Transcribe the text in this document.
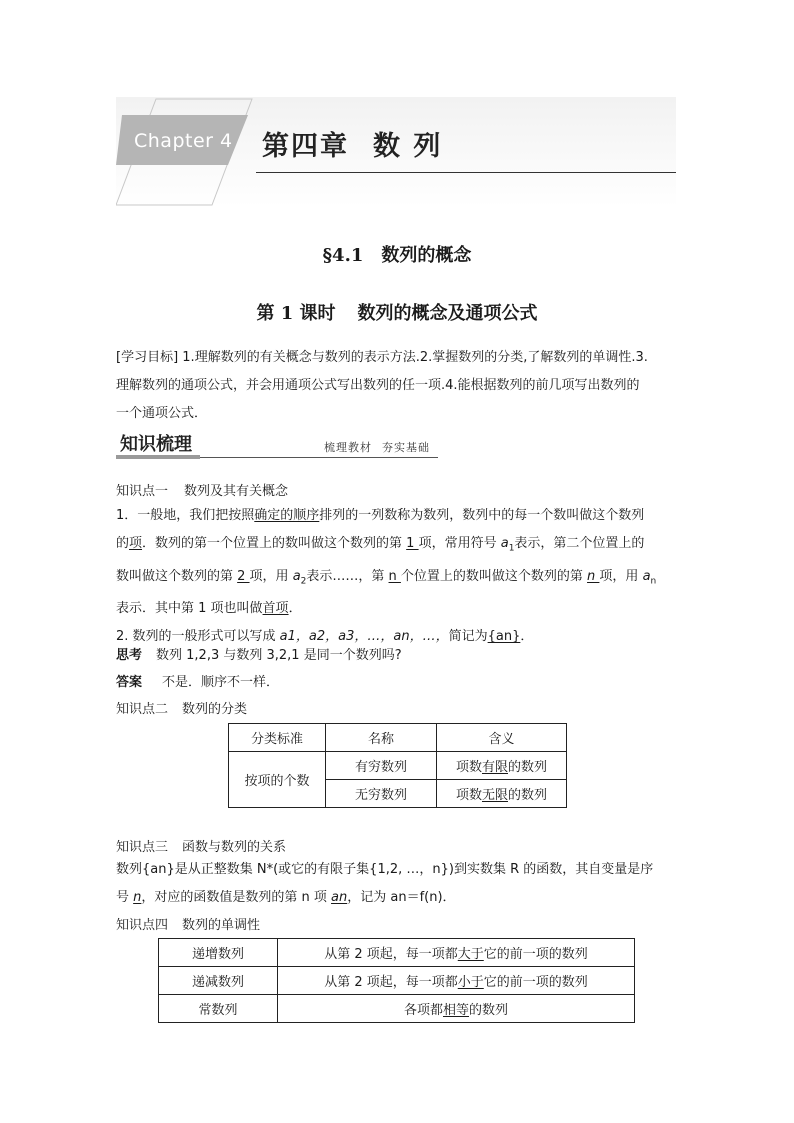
Chapter 4 第四章 数 列
§4.1 数列的概念
第 1 课时 数列的概念及通项公式
[学习目标] 1.理解数列的有关概念与数列的表示方法.2.掌握数列的分类,了解数列的单调性.3.
理解数列的通项公式，并会用通项公式写出数列的任一项.4.能根据数列的前几项写出数列的
一个通项公式．
知识梳理	梳理教材 夯实基础
知识点一 数列及其有关概念
1．一般地，我们把按照确定的顺序排列的一列数称为数列，数列中的每一个数叫做这个数列
的项．数列的第一个位置上的数叫做这个数列的第 1 项，常用符号 $a_1$表示，第二个位置上的
数叫做这个数列的第 2 项，用 $a_2$表示……，第 n 个位置上的数叫做这个数列的第 n 项，用 $a_n$
表示．其中第 1 项也叫做首项．
2. 数列的一般形式可以写成 a1，a2，a3，…，an，…，简记为{an}．
思考 数列 1,2,3 与数列 3,2,1 是同一个数列吗?
答案 不是．顺序不一样．
知识点二 数列的分类
分类标准	名称	含义
按项的个数	有穷数列	项数有限的数列
	无穷数列	项数无限的数列
知识点三 函数与数列的关系
数列{an}是从正整数集 N*(或它的有限子集{1,2, …，n})到实数集 R 的函数，其自变量是序
号 n，对应的函数值是数列的第 n 项 an，记为 an＝f(n)．
知识点四 数列的单调性
递增数列	从第 2 项起，每一项都大于它的前一项的数列
递减数列	从第 2 项起，每一项都小于它的前一项的数列
常数列	各项都相等的数列
